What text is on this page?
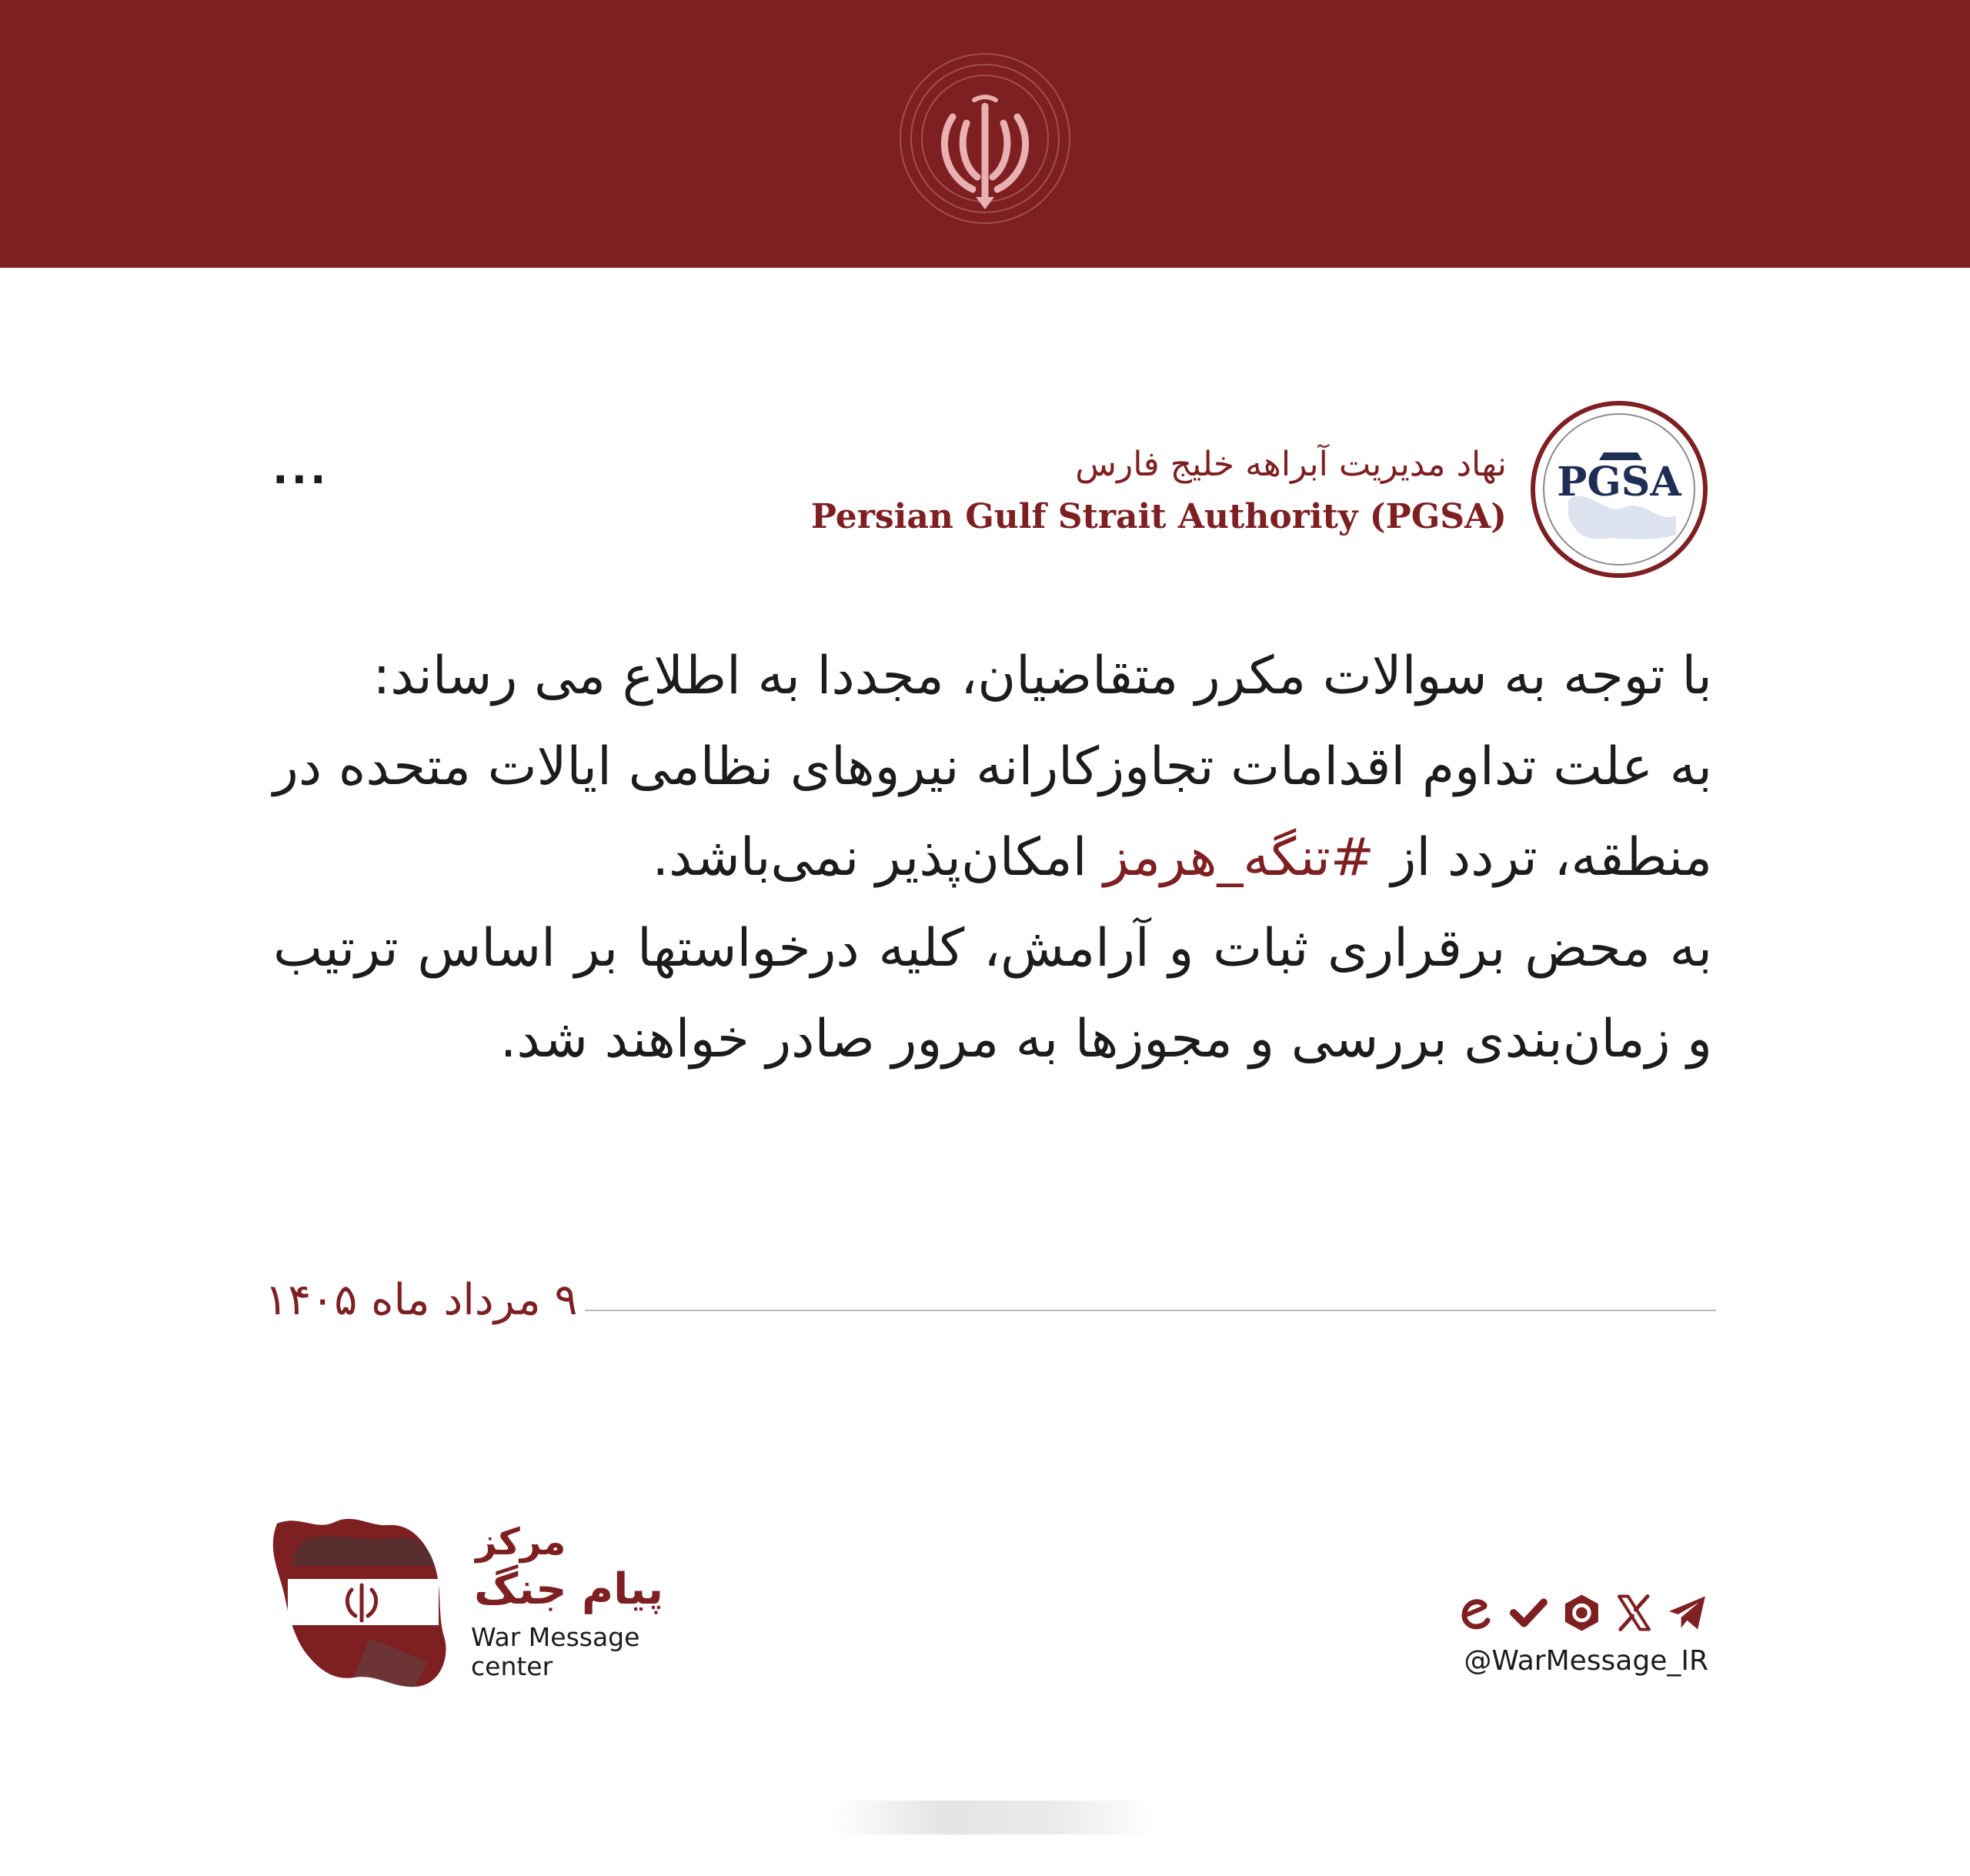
PGSA
نهاد مدیریت آبراهه خلیج فارس
Persian Gulf Strait Authority (PGSA)
...

با توجه به سوالات مکرر متقاضیان، مجددا به اطلاع می رساند:

به علت تداوم اقدامات تجاوزکارانه نیروهای نظامی ایالات متحده در منطقه، تردد از #تنگه_هرمز امکان‌پذیر نمی‌باشد.

به محض برقراری ثبات و آرامش، کلیه درخواستها بر اساس ترتیب و زمان‌بندی بررسی و مجوزها به مرور صادر خواهند شد.

۹ مرداد ماه ۱۴۰۵
مرکز
پیام جنگ
War Message center	@WarMessage_IR
